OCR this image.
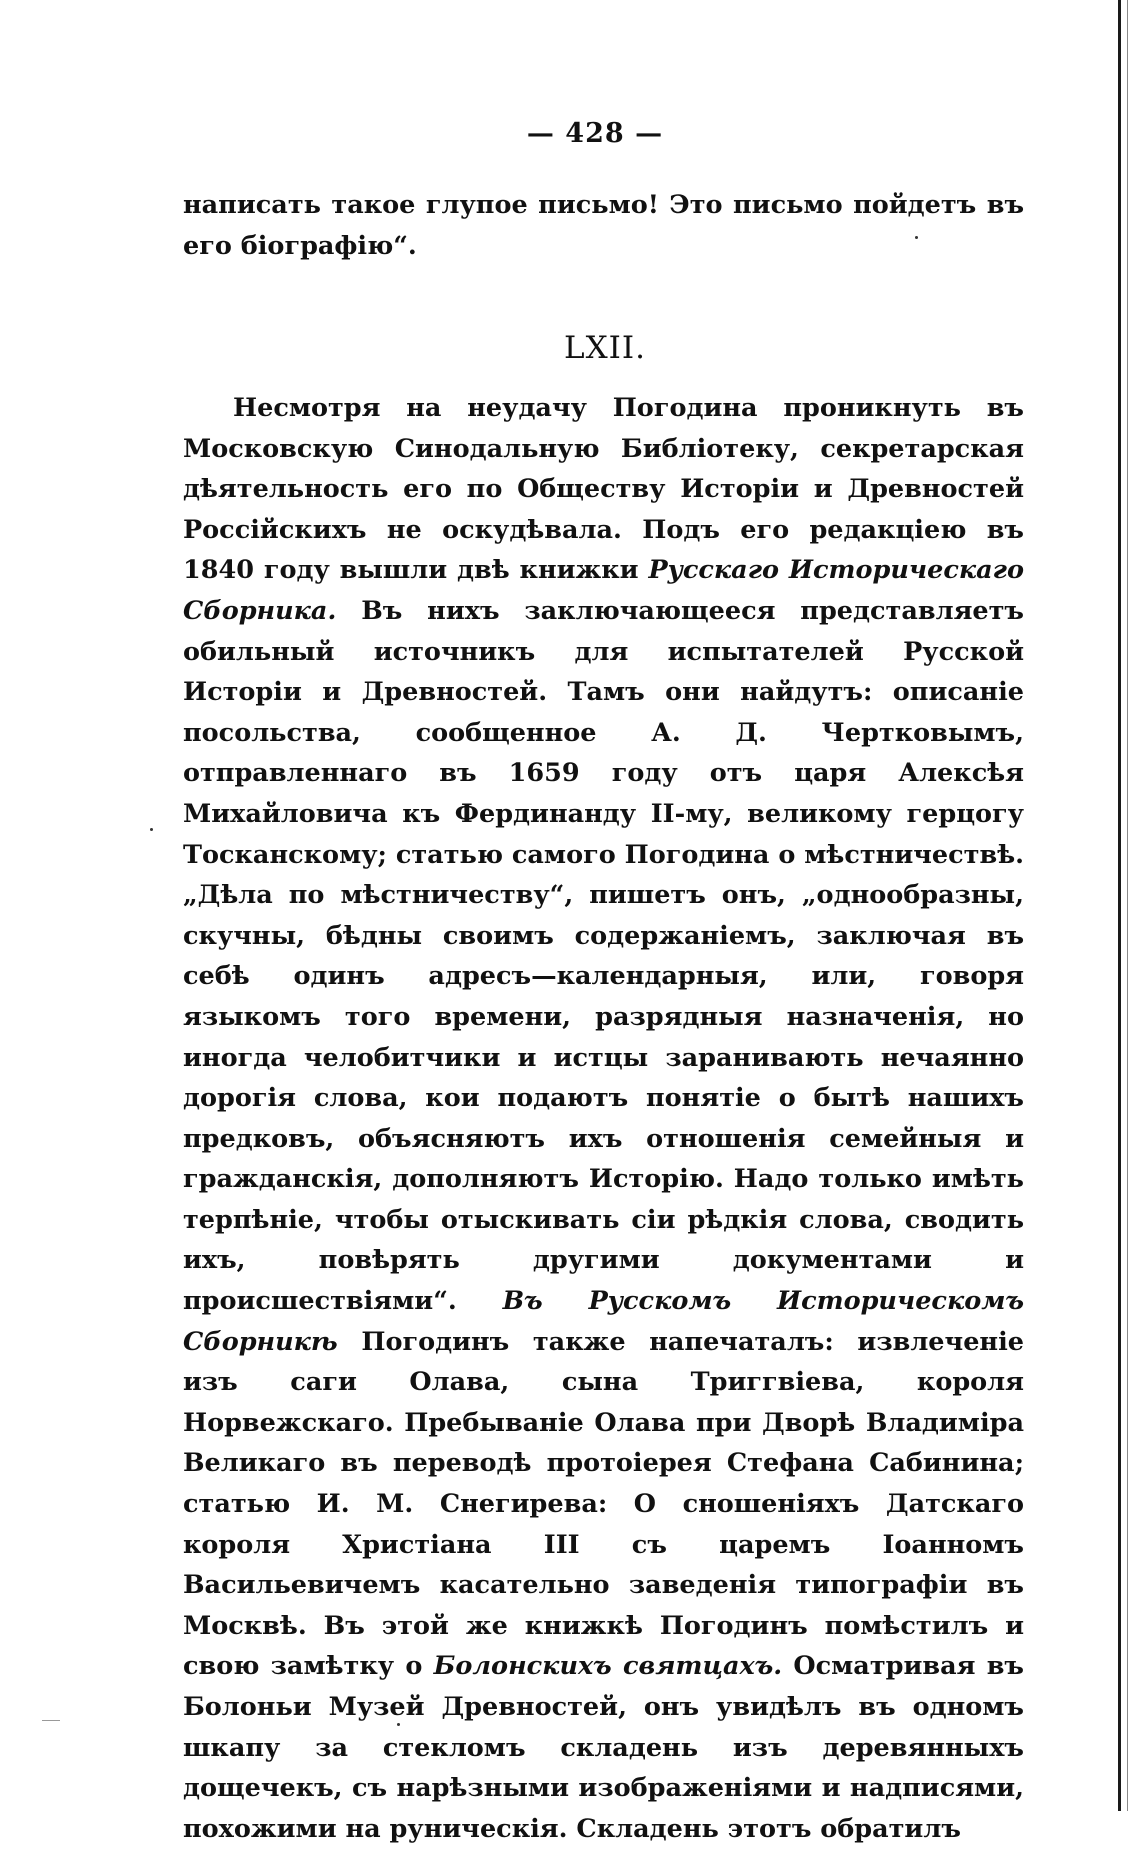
— 428 —

написать такое глупое письмо! Это письмо пойдетъ въ его біографію“.

LXII.

Несмотря на неудачу Погодина проникнуть въ Московскую Синодальную Библіотеку, секретарская дѣятельность его по Обществу Исторіи и Древностей Россійскихъ не оскудѣвала. Подъ его редакціею въ 1840 году вышли двѣ книжки Русскаго Историческаго Сборника. Въ нихъ заключающееся представляетъ обильный источникъ для испытателей Русской Исторіи и Древностей. Тамъ они найдутъ: описаніе посольства, сообщенное А. Д. Чертковымъ, отправленнаго въ 1659 году отъ царя Алексѣя Михайловича къ Фердинанду II-му, великому герцогу Тосканскому; статью самого Погодина о мѣстничествѣ. „Дѣла по мѣстничеству“, пишетъ онъ, „однообразны, скучны, бѣдны своимъ содержаніемъ, заключая въ себѣ одинъ адресъ—календарныя, или, говоря языкомъ того времени, разрядныя назначенія, но иногда челобитчики и истцы заранивають нечаянно дорогія слова, кои подаютъ понятіе о бытѣ нашихъ предковъ, объясняютъ ихъ отношенія семейныя и гражданскія, дополняютъ Исторію. Надо только имѣть терпѣніе, чтобы отыскивать сіи рѣдкія слова, сводить ихъ, повѣрять другими документами и происшествіями“. Въ Русскомъ Историческомъ Сборникѣ Погодинъ также напечаталъ: извлеченіе изъ саги Олава, сына Триггвіева, короля Норвежскаго. Пребываніе Олава при Дворѣ Владиміра Великаго въ переводѣ протоіерея Стефана Сабинина; статью И. М. Снегирева: О сношеніяхъ Датскаго короля Христіана III съ царемъ Іоанномъ Васильевичемъ касательно заведенія типографіи въ Москвѣ. Въ этой же книжкѣ Погодинъ помѣстилъ и свою замѣтку о Болонскихъ святцахъ. Осматривая въ Болоньи Музей Древностей, онъ увидѣлъ въ одномъ шкапу за стекломъ складень изъ деревянныхъ дощечекъ, съ нарѣзными изображеніями и надписями, похожими на руническія. Складень этотъ обратилъ
